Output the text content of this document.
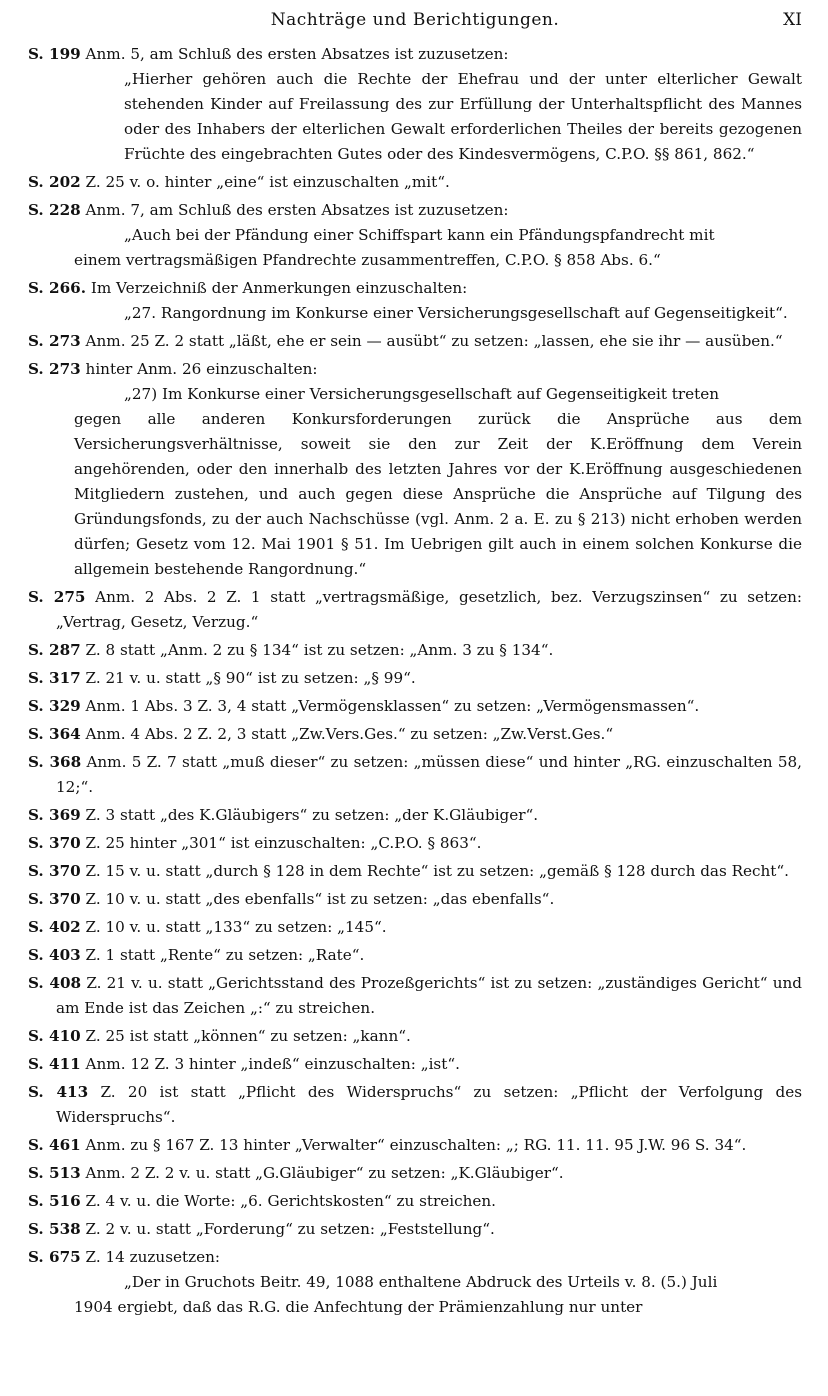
Nachträge und Berichtigungen.	XI
S. 199 Anm. 5, am Schluß des ersten Absatzes ist zuzusetzen:
„Hierher gehören auch die Rechte der Ehefrau und der unter elterlicher Gewalt stehenden Kinder auf Freilassung des zur Erfüllung der Unterhaltspflicht des Mannes oder des Inhabers der elterlichen Gewalt erforderlichen Theiles der bereits gezogenen Früchte des eingebrachten Gutes oder des Kindesvermögens, C.P.O. §§ 861, 862.“
S. 202 Z. 25 v. o. hinter „eine“ ist einzuschalten „mit“.
S. 228 Anm. 7, am Schluß des ersten Absatzes ist zuzusetzen:
„Auch bei der Pfändung einer Schiffspart kann ein Pfändungspfandrecht mit
einem vertragsmäßigen Pfandrechte zusammentreffen, C.P.O. § 858 Abs. 6.“
S. 266. Im Verzeichniß der Anmerkungen einzuschalten:
„27. Rangordnung im Konkurse einer Versicherungsgesellschaft auf Gegenseitigkeit“.
S. 273 Anm. 25 Z. 2 statt „läßt, ehe er sein — ausübt“ zu setzen: „lassen, ehe sie ihr — ausüben.“
S. 273 hinter Anm. 26 einzuschalten:
„27) Im Konkurse einer Versicherungsgesellschaft auf Gegenseitigkeit treten
gegen alle anderen Konkursforderungen zurück die Ansprüche aus dem Versicherungsverhältnisse, soweit sie den zur Zeit der K.Eröffnung dem Verein angehörenden, oder den innerhalb des letzten Jahres vor der K.Eröffnung ausgeschiedenen Mitgliedern zustehen, und auch gegen diese Ansprüche die Ansprüche auf Tilgung des Gründungsfonds, zu der auch Nachschüsse (vgl. Anm. 2 a. E. zu § 213) nicht erhoben werden dürfen; Gesetz vom 12. Mai 1901 § 51. Im Uebrigen gilt auch in einem solchen Konkurse die allgemein bestehende Rangordnung.“
S. 275 Anm. 2 Abs. 2 Z. 1 statt „vertragsmäßige, gesetzlich, bez. Verzugszinsen“ zu setzen: „Vertrag, Gesetz, Verzug.“
S. 287 Z. 8 statt „Anm. 2 zu § 134“ ist zu setzen: „Anm. 3 zu § 134“.
S. 317 Z. 21 v. u. statt „§ 90“ ist zu setzen: „§ 99“.
S. 329 Anm. 1 Abs. 3 Z. 3, 4 statt „Vermögensklassen“ zu setzen: „Vermögensmassen“.
S. 364 Anm. 4 Abs. 2 Z. 2, 3 statt „Zw.Vers.Ges.“ zu setzen: „Zw.Verst.Ges.“
S. 368 Anm. 5 Z. 7 statt „muß dieser“ zu setzen: „müssen diese“ und hinter „RG. einzuschalten 58, 12;“.
S. 369 Z. 3 statt „des K.Gläubigers“ zu setzen: „der K.Gläubiger“.
S. 370 Z. 25 hinter „301“ ist einzuschalten: „C.P.O. § 863“.
S. 370 Z. 15 v. u. statt „durch § 128 in dem Rechte“ ist zu setzen: „gemäß § 128 durch das Recht“.
S. 370 Z. 10 v. u. statt „des ebenfalls“ ist zu setzen: „das ebenfalls“.
S. 402 Z. 10 v. u. statt „133“ zu setzen: „145“.
S. 403 Z. 1 statt „Rente“ zu setzen: „Rate“.
S. 408 Z. 21 v. u. statt „Gerichtsstand des Prozeßgerichts“ ist zu setzen: „zuständiges Gericht“ und am Ende ist das Zeichen „:“ zu streichen.
S. 410 Z. 25 ist statt „können“ zu setzen: „kann“.
S. 411 Anm. 12 Z. 3 hinter „indeß“ einzuschalten: „ist“.
S. 413 Z. 20 ist statt „Pflicht des Widerspruchs“ zu setzen: „Pflicht der Verfolgung des Widerspruchs“.
S. 461 Anm. zu § 167 Z. 13 hinter „Verwalter“ einzuschalten: „; RG. 11. 11. 95 J.W. 96 S. 34“.
S. 513 Anm. 2 Z. 2 v. u. statt „G.Gläubiger“ zu setzen: „K.Gläubiger“.
S. 516 Z. 4 v. u. die Worte: „6. Gerichtskosten“ zu streichen.
S. 538 Z. 2 v. u. statt „Forderung“ zu setzen: „Feststellung“.
S. 675 Z. 14 zuzusetzen:
„Der in Gruchots Beitr. 49, 1088 enthaltene Abdruck des Urteils v. 8. (5.) Juli
1904 ergiebt, daß das R.G. die Anfechtung der Prämienzahlung nur unter
